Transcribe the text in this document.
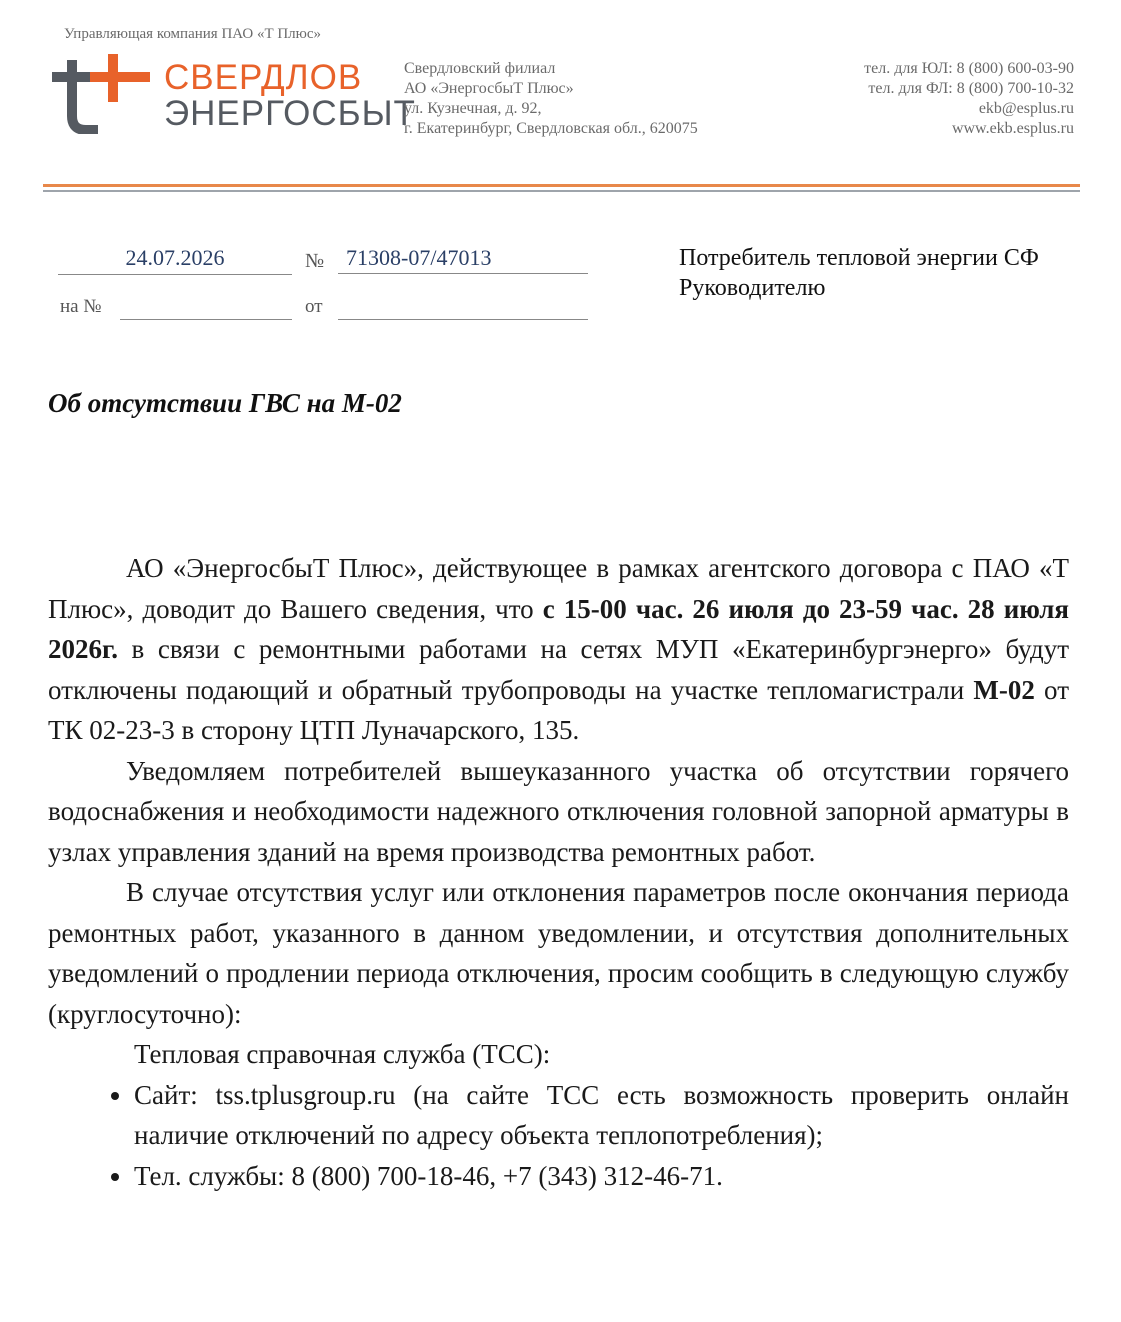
Управляющая компания ПАО «Т Плюс»
СВЕРДЛОВ
ЭНЕРГОСБЫТ
Свердловский филиал
АО «ЭнергосбыТ Плюс»
ул. Кузнечная, д. 92,
г. Екатеринбург, Свердловская обл., 620075
тел. для ЮЛ: 8 (800) 600-03-90
тел. для ФЛ: 8 (800) 700-10-32
ekb@esplus.ru
www.ekb.esplus.ru
24.07.2026	№ 71308-07/47013
на №	от
Потребитель тепловой энергии СФ
Руководителю
Об отсутствии ГВС на М-02

АО «ЭнергосбыТ Плюс», действующее в рамках агентского договора с ПАО «Т Плюс», доводит до Вашего сведения, что с 15-00 час. 26 июля до 23-59 час. 28 июля 2026г. в связи с ремонтными работами на сетях МУП «Екатеринбургэнерго» будут отключены подающий и обратный трубопроводы на участке тепломагистрали М-02 от ТК 02-23-3 в сторону ЦТП Луначарского, 135.

Уведомляем потребителей вышеуказанного участка об отсутствии горячего водоснабжения и необходимости надежного отключения головной запорной арматуры в узлах управления зданий на время производства ремонтных работ.

В случае отсутствия услуг или отклонения параметров после окончания периода ремонтных работ, указанного в данном уведомлении, и отсутствия дополнительных уведомлений о продлении периода отключения, просим сообщить в следующую службу (круглосуточно):

Тепловая справочная служба (ТСС):

• Сайт: tss.tplusgroup.ru (на сайте ТСС есть возможность проверить онлайн наличие отключений по адресу объекта теплопотребления);
• Тел. службы: 8 (800) 700-18-46, +7 (343) 312-46-71.
